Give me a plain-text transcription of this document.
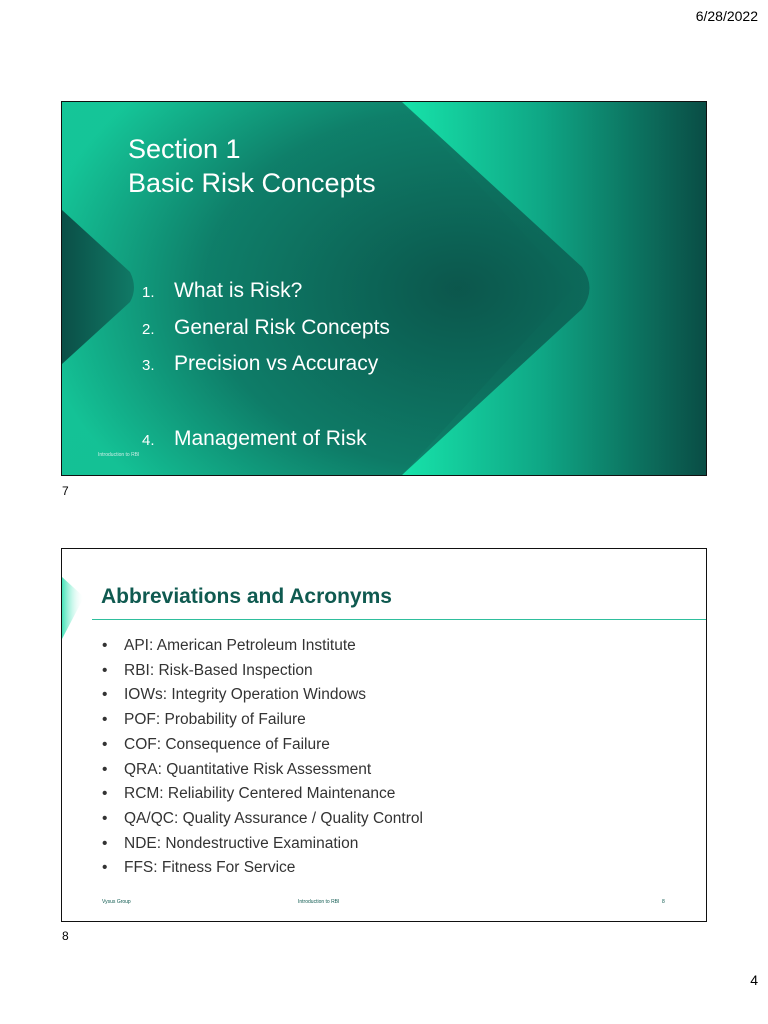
6/28/2022
Section 1
Basic Risk Concepts
1. What is Risk?
2. General Risk Concepts
3. Precision vs Accuracy
4. Management of Risk
Introduction to RBI
7
Abbreviations and Acronyms
• API: American Petroleum Institute
• RBI: Risk-Based Inspection
• IOWs: Integrity Operation Windows
• POF: Probability of Failure
• COF: Consequence of Failure
• QRA: Quantitative Risk Assessment
• RCM: Reliability Centered Maintenance
• QA/QC: Quality Assurance / Quality Control
• NDE: Nondestructive Examination
• FFS: Fitness For Service
Vysus Group	Introduction to RBI	8
8
4
